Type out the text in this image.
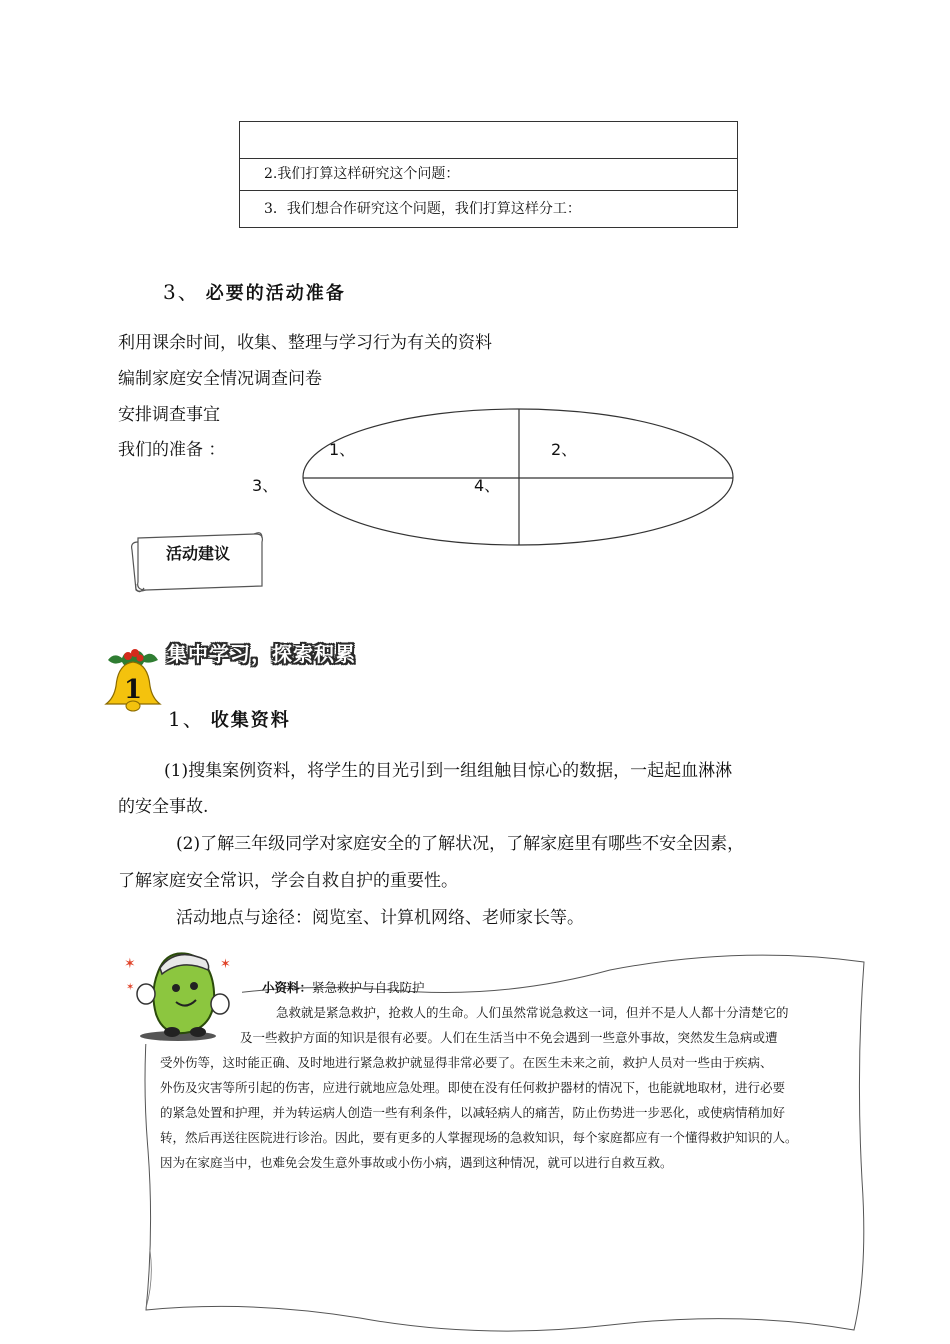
2.我们打算这样研究这个问题：
3．我们想合作研究这个问题，我们打算这样分工：
3、 必要的活动准备
利用课余时间，收集、整理与学习行为有关的资料
编制家庭安全情况调查问卷
安排调查事宜
我们的准备 ：	1、	2、
3、	4、
活动建议
1
集中学习，探索积累
1、 收集资料
(1)搜集案例资料，将学生的目光引到一组组触目惊心的数据，一起起血淋淋
的安全事故.
(2)了解三年级同学对家庭安全的了解状况，了解家庭里有哪些不安全因素，
了解家庭安全常识，学会自救自护的重要性。
活动地点与途径：阅览室、计算机网络、老师家长等。
✶
✶
✶
小资料：紧急救护与自我防护
急救就是紧急救护，抢救人的生命。人们虽然常说急救这一词，但并不是人人都十分清楚它的
及一些救护方面的知识是很有必要。人们在生活当中不免会遇到一些意外事故，突然发生急病或遭
受外伤等，这时能正确、及时地进行紧急救护就显得非常必要了。在医生未来之前，救护人员对一些由于疾病、
外伤及灾害等所引起的伤害，应进行就地应急处理。即使在没有任何救护器材的情况下，也能就地取材，进行必要
的紧急处置和护理，并为转运病人创造一些有利条件，以减轻病人的痛苦，防止伤势进一步恶化，或使病情稍加好
转，然后再送往医院进行诊治。因此，要有更多的人掌握现场的急救知识，每个家庭都应有一个懂得救护知识的人。
因为在家庭当中，也难免会发生意外事故或小伤小病，遇到这种情况，就可以进行自救互救。
